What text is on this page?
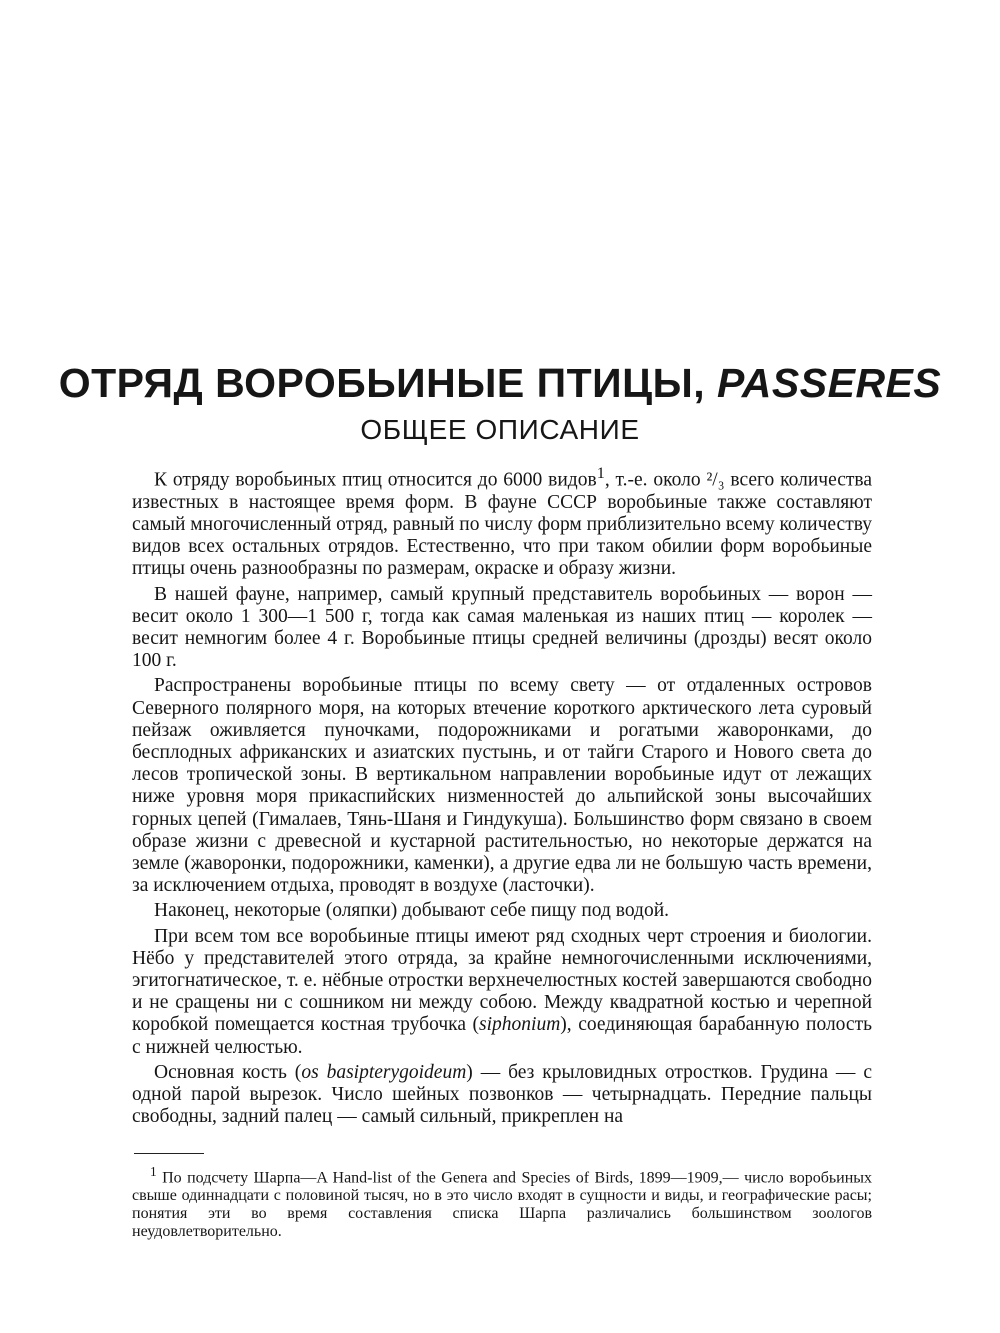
ОТРЯД ВОРОБЬИНЫЕ ПТИЦЫ, PASSERES
ОБЩЕЕ ОПИСАНИЕ

К отряду воробьиных птиц относится до 6000 видов$^1$, т.-е. около ²/₃ всего количества известных в настоящее время форм. В фауне СССР воробьиные также составляют самый многочисленный отряд, равный по числу форм приблизительно всему количеству видов всех остальных отрядов. Естественно, что при таком обилии форм воробьиные птицы очень разнообразны по размерам, окраске и образу жизни.

В нашей фауне, например, самый крупный представитель воробьиных — ворон — весит около 1 300—1 500 г, тогда как самая маленькая из наших птиц — королек — весит немногим более 4 г. Воробьиные птицы средней величины (дрозды) весят около 100 г.

Распространены воробьиные птицы по всему свету — от отдаленных островов Северного полярного моря, на которых втечение короткого арктического лета суровый пейзаж оживляется пуночками, подорожниками и рогатыми жаворонками, до бесплодных африканских и азиатских пустынь, и от тайги Старого и Нового света до лесов тропической зоны. В вертикальном направлении воробьиные идут от лежащих ниже уровня моря прикаспийских низменностей до альпийской зоны высочайших горных цепей (Гималаев, Тянь-Шаня и Гиндукуша). Большинство форм связано в своем образе жизни с древесной и кустарной растительностью, но некоторые держатся на земле (жаворонки, подорожники, каменки), а другие едва ли не большую часть времени, за исключением отдыха, проводят в воздухе (ласточки).

Наконец, некоторые (оляпки) добывают себе пищу под водой.

При всем том все воробьиные птицы имеют ряд сходных черт строения и биологии. Нёбо у представителей этого отряда, за крайне немногочисленными исключениями, эгитогнатическое, т. е. нёбные отростки верхнечелюстных костей завершаются свободно и не сращены ни с сошником ни между собою. Между квадратной костью и черепной коробкой помещается костная трубочка (siphonium), соединяющая барабанную полость с нижней челюстью.

Основная кость (os basipterygoideum) — без крыловидных отростков. Грудина — с одной парой вырезок. Число шейных позвонков — четырнадцать. Передние пальцы свободны, задний палец — самый сильный, прикреплен на

$^1$ По подсчету Шарпа—A Hand-list of the Genera and Species of Birds, 1899—1909,— число воробьиных свыше одиннадцати с половиной тысяч, но в это число входят в сущности и виды, и географические расы; понятия эти во время составления списка Шарпа различались большинством зоологов неудовлетворительно.
